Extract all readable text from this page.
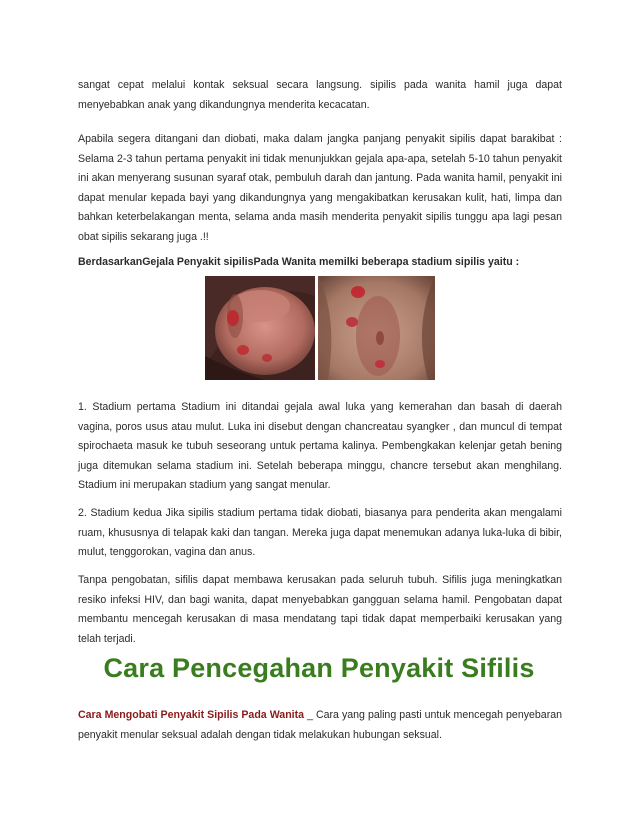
sangat cepat melalui kontak seksual secara langsung. sipilis pada wanita hamil juga dapat menyebabkan anak yang dikandungnya menderita kecacatan.

Apabila segera ditangani dan diobati, maka dalam jangka panjang penyakit sipilis dapat barakibat : Selama 2-3 tahun pertama penyakit ini tidak menunjukkan gejala apa-apa, setelah 5-10 tahun penyakit ini akan menyerang susunan syaraf otak, pembuluh darah dan jantung. Pada wanita hamil, penyakit ini dapat menular kepada bayi yang dikandungnya yang mengakibatkan kerusakan kulit, hati, limpa dan bahkan keterbelakangan menta, selama anda masih menderita penyakit sipilis tunggu apa lagi pesan obat sipilis sekarang juga .!!

BerdasarkanGejala Penyakit sipilisPada Wanita memilki beberapa stadium sipilis yaitu :

1. Stadium pertama Stadium ini ditandai gejala awal luka yang kemerahan dan basah di daerah vagina, poros usus atau mulut. Luka ini disebut dengan chancreatau syangker , dan muncul di tempat spirochaeta masuk ke tubuh seseorang untuk pertama kalinya. Pembengkakan kelenjar getah bening juga ditemukan selama stadium ini. Setelah beberapa minggu, chancre tersebut akan menghilang. Stadium ini merupakan stadium yang sangat menular.

2. Stadium kedua Jika sipilis stadium pertama tidak diobati, biasanya para penderita akan mengalami ruam, khususnya di telapak kaki dan tangan. Mereka juga dapat menemukan adanya luka-luka di bibir, mulut, tenggorokan, vagina dan anus.

Tanpa pengobatan, sifilis dapat membawa kerusakan pada seluruh tubuh. Sifilis juga meningkatkan resiko infeksi HIV, dan bagi wanita, dapat menyebabkan gangguan selama hamil. Pengobatan dapat membantu mencegah kerusakan di masa mendatang tapi tidak dapat memperbaiki kerusakan yang telah terjadi.

Cara Pencegahan Penyakit Sifilis

Cara Mengobati Penyakit Sipilis Pada Wanita _ Cara yang paling pasti untuk mencegah penyebaran penyakit menular seksual adalah dengan tidak melakukan hubungan seksual.
